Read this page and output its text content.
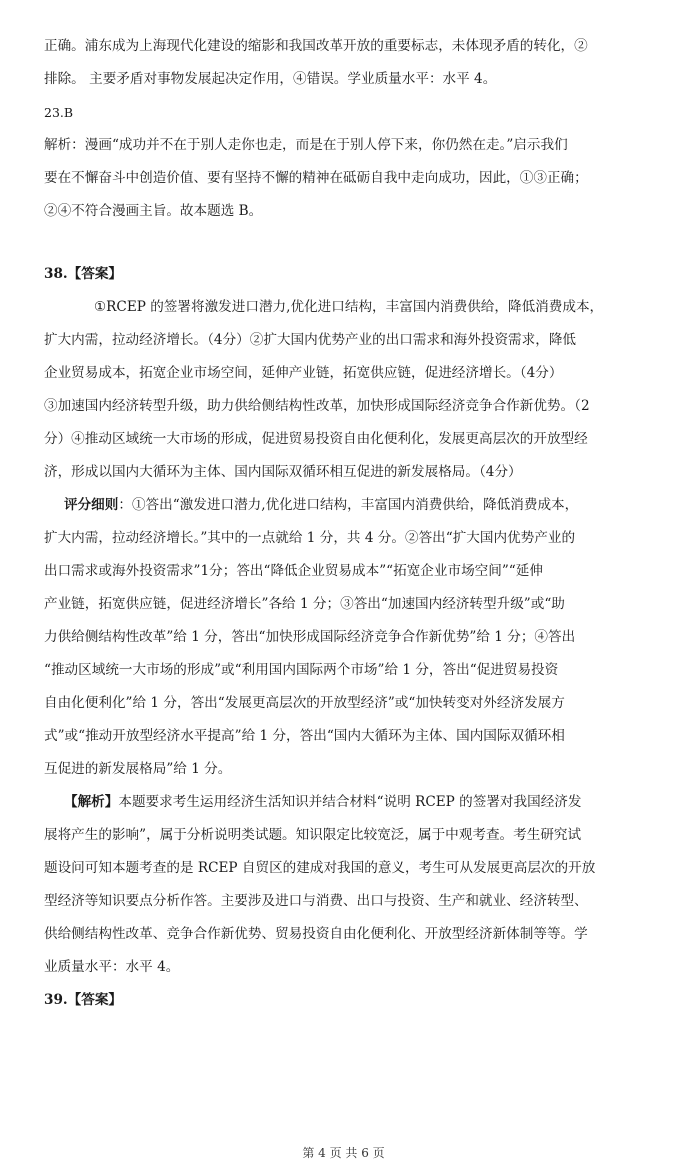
正确。浦东成为上海现代化建设的缩影和我国改革开放的重要标志，未体现矛盾的转化，②

排除。 主要矛盾对事物发展起决定作用，④错误。学业质量水平：水平 4。

23.B

解析：漫画“成功并不在于别人走你也走，而是在于别人停下来，你仍然在走。”启示我们

要在不懈奋斗中创造价值、要有坚持不懈的精神在砥砺自我中走向成功，因此，①③正确；

②④不符合漫画主旨。故本题选 B。

38.【答案】

①RCEP 的签署将激发进口潜力,优化进口结构，丰富国内消费供给，降低消费成本，

扩大内需，拉动经济增长。（4分）②扩大国内优势产业的出口需求和海外投资需求，降低

企业贸易成本，拓宽企业市场空间，延伸产业链，拓宽供应链，促进经济增长。（4分）

③加速国内经济转型升级，助力供给侧结构性改革，加快形成国际经济竞争合作新优势。（2

分）④推动区域统一大市场的形成，促进贸易投资自由化便利化，发展更高层次的开放型经

济，形成以国内大循环为主体、国内国际双循环相互促进的新发展格局。（4分）

评分细则：①答出“激发进口潜力,优化进口结构，丰富国内消费供给，降低消费成本，

扩大内需，拉动经济增长。”其中的一点就给 1 分，共 4 分。②答出“扩大国内优势产业的

出口需求或海外投资需求”1分；答出“降低企业贸易成本”“拓宽企业市场空间”“延伸

产业链，拓宽供应链，促进经济增长”各给 1 分；③答出“加速国内经济转型升级”或“助

力供给侧结构性改革”给 1 分，答出“加快形成国际经济竞争合作新优势”给 1 分；④答出

“推动区域统一大市场的形成”或“利用国内国际两个市场”给 1 分，答出“促进贸易投资

自由化便利化”给 1 分，答出“发展更高层次的开放型经济”或“加快转变对外经济发展方

式”或“推动开放型经济水平提高”给 1 分，答出“国内大循环为主体、国内国际双循环相

互促进的新发展格局”给 1 分。

【解析】本题要求考生运用经济生活知识并结合材料“说明 RCEP 的签署对我国经济发

展将产生的影响”，属于分析说明类试题。知识限定比较宽泛，属于中观考查。考生研究试

题设问可知本题考查的是 RCEP 自贸区的建成对我国的意义，考生可从发展更高层次的开放

型经济等知识要点分析作答。主要涉及进口与消费、出口与投资、生产和就业、经济转型、

供给侧结构性改革、竞争合作新优势、贸易投资自由化便利化、开放型经济新体制等等。学

业质量水平：水平 4。

39.【答案】

第 4 页 共 6 页
